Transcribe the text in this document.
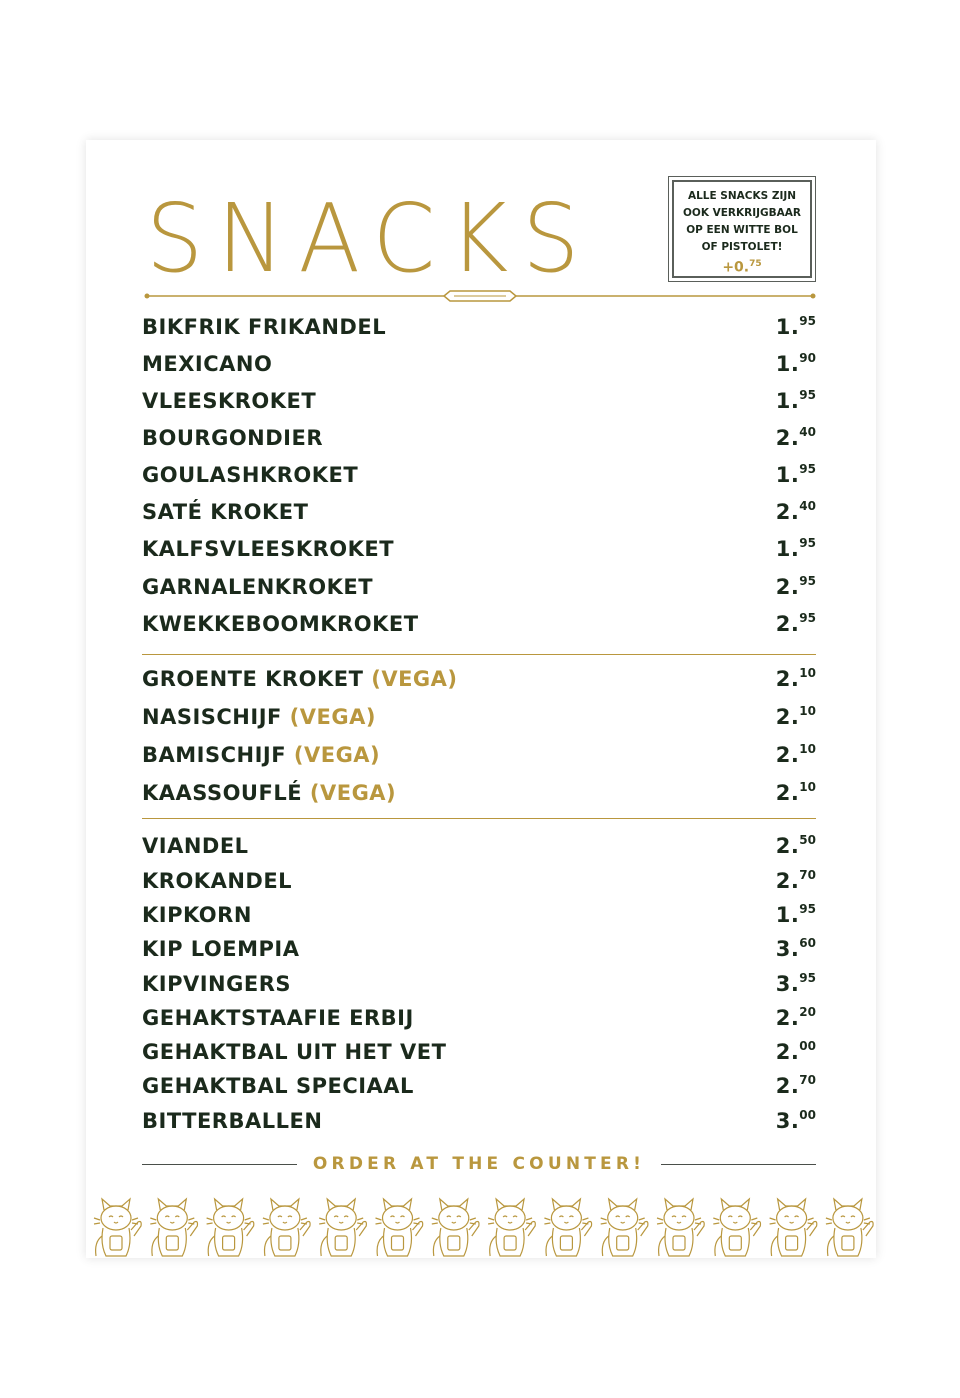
SNACKS	ALLE SNACKS ZIJN
OOK VERKRIJGBAAR
OP EEN WITTE BOL
OF PISTOLET!
+0.75
BIKFRIK FRIKANDEL	1.95
MEXICANO	1.90
VLEESKROKET	1.95
BOURGONDIER	2.40
GOULASHKROKET	1.95
SATÉ KROKET	2.40
KALFSVLEESKROKET	1.95
GARNALENKROKET	2.95
KWEKKEBOOMKROKET	2.95
GROENTE KROKET (VEGA)	2.10
NASISCHIJF (VEGA)	2.10
BAMISCHIJF (VEGA)	2.10
KAASSOUFLÉ (VEGA)	2.10
VIANDEL	2.50
KROKANDEL	2.70
KIPKORN	1.95
KIP LOEMPIA	3.60
KIPVINGERS	3.95
GEHAKTSTAAFIE ERBIJ	2.20
GEHAKTBAL UIT HET VET	2.00
GEHAKTBAL SPECIAAL	2.70
BITTERBALLEN	3.00
ORDER AT THE COUNTER!
